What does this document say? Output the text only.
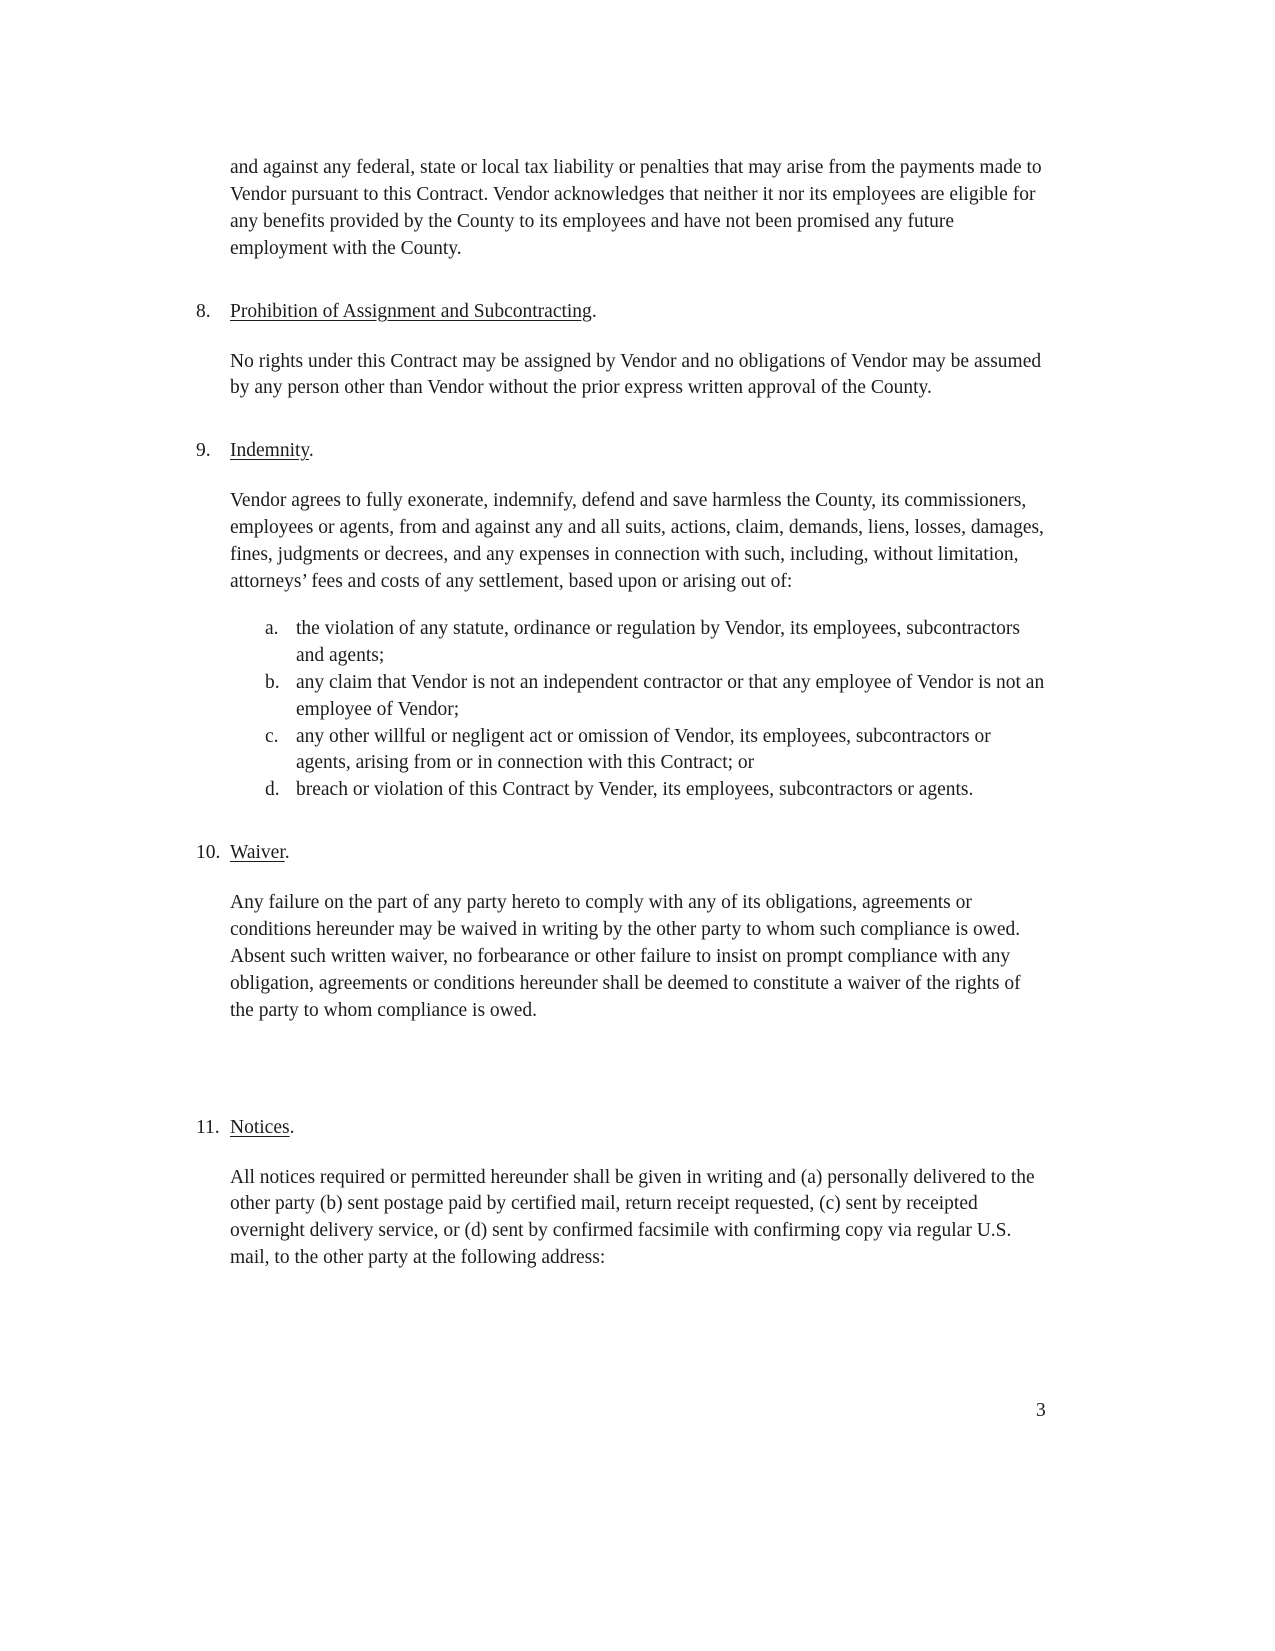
and against any federal, state or local tax liability or penalties that may arise from the payments made to Vendor pursuant to this Contract. Vendor acknowledges that neither it nor its employees are eligible for any benefits provided by the County to its employees and have not been promised any future employment with the County.

8. Prohibition of Assignment and Subcontracting.

No rights under this Contract may be assigned by Vendor and no obligations of Vendor may be assumed by any person other than Vendor without the prior express written approval of the County.

9. Indemnity.

Vendor agrees to fully exonerate, indemnify, defend and save harmless the County, its commissioners, employees or agents, from and against any and all suits, actions, claim, demands, liens, losses, damages, fines, judgments or decrees, and any expenses in connection with such, including, without limitation, attorneys’ fees and costs of any settlement, based upon or arising out of:

a. the violation of any statute, ordinance or regulation by Vendor, its employees, subcontractors and agents;
b. any claim that Vendor is not an independent contractor or that any employee of Vendor is not an employee of Vendor;
c. any other willful or negligent act or omission of Vendor, its employees, subcontractors or agents, arising from or in connection with this Contract; or
d. breach or violation of this Contract by Vender, its employees, subcontractors or agents.
10. Waiver.

Any failure on the part of any party hereto to comply with any of its obligations, agreements or conditions hereunder may be waived in writing by the other party to whom such compliance is owed. Absent such written waiver, no forbearance or other failure to insist on prompt compliance with any obligation, agreements or conditions hereunder shall be deemed to constitute a waiver of the rights of the party to whom compliance is owed.

11. Notices.

All notices required or permitted hereunder shall be given in writing and (a) personally delivered to the other party (b) sent postage paid by certified mail, return receipt requested, (c) sent by receipted overnight delivery service, or (d) sent by confirmed facsimile with confirming copy via regular U.S. mail, to the other party at the following address:

3
